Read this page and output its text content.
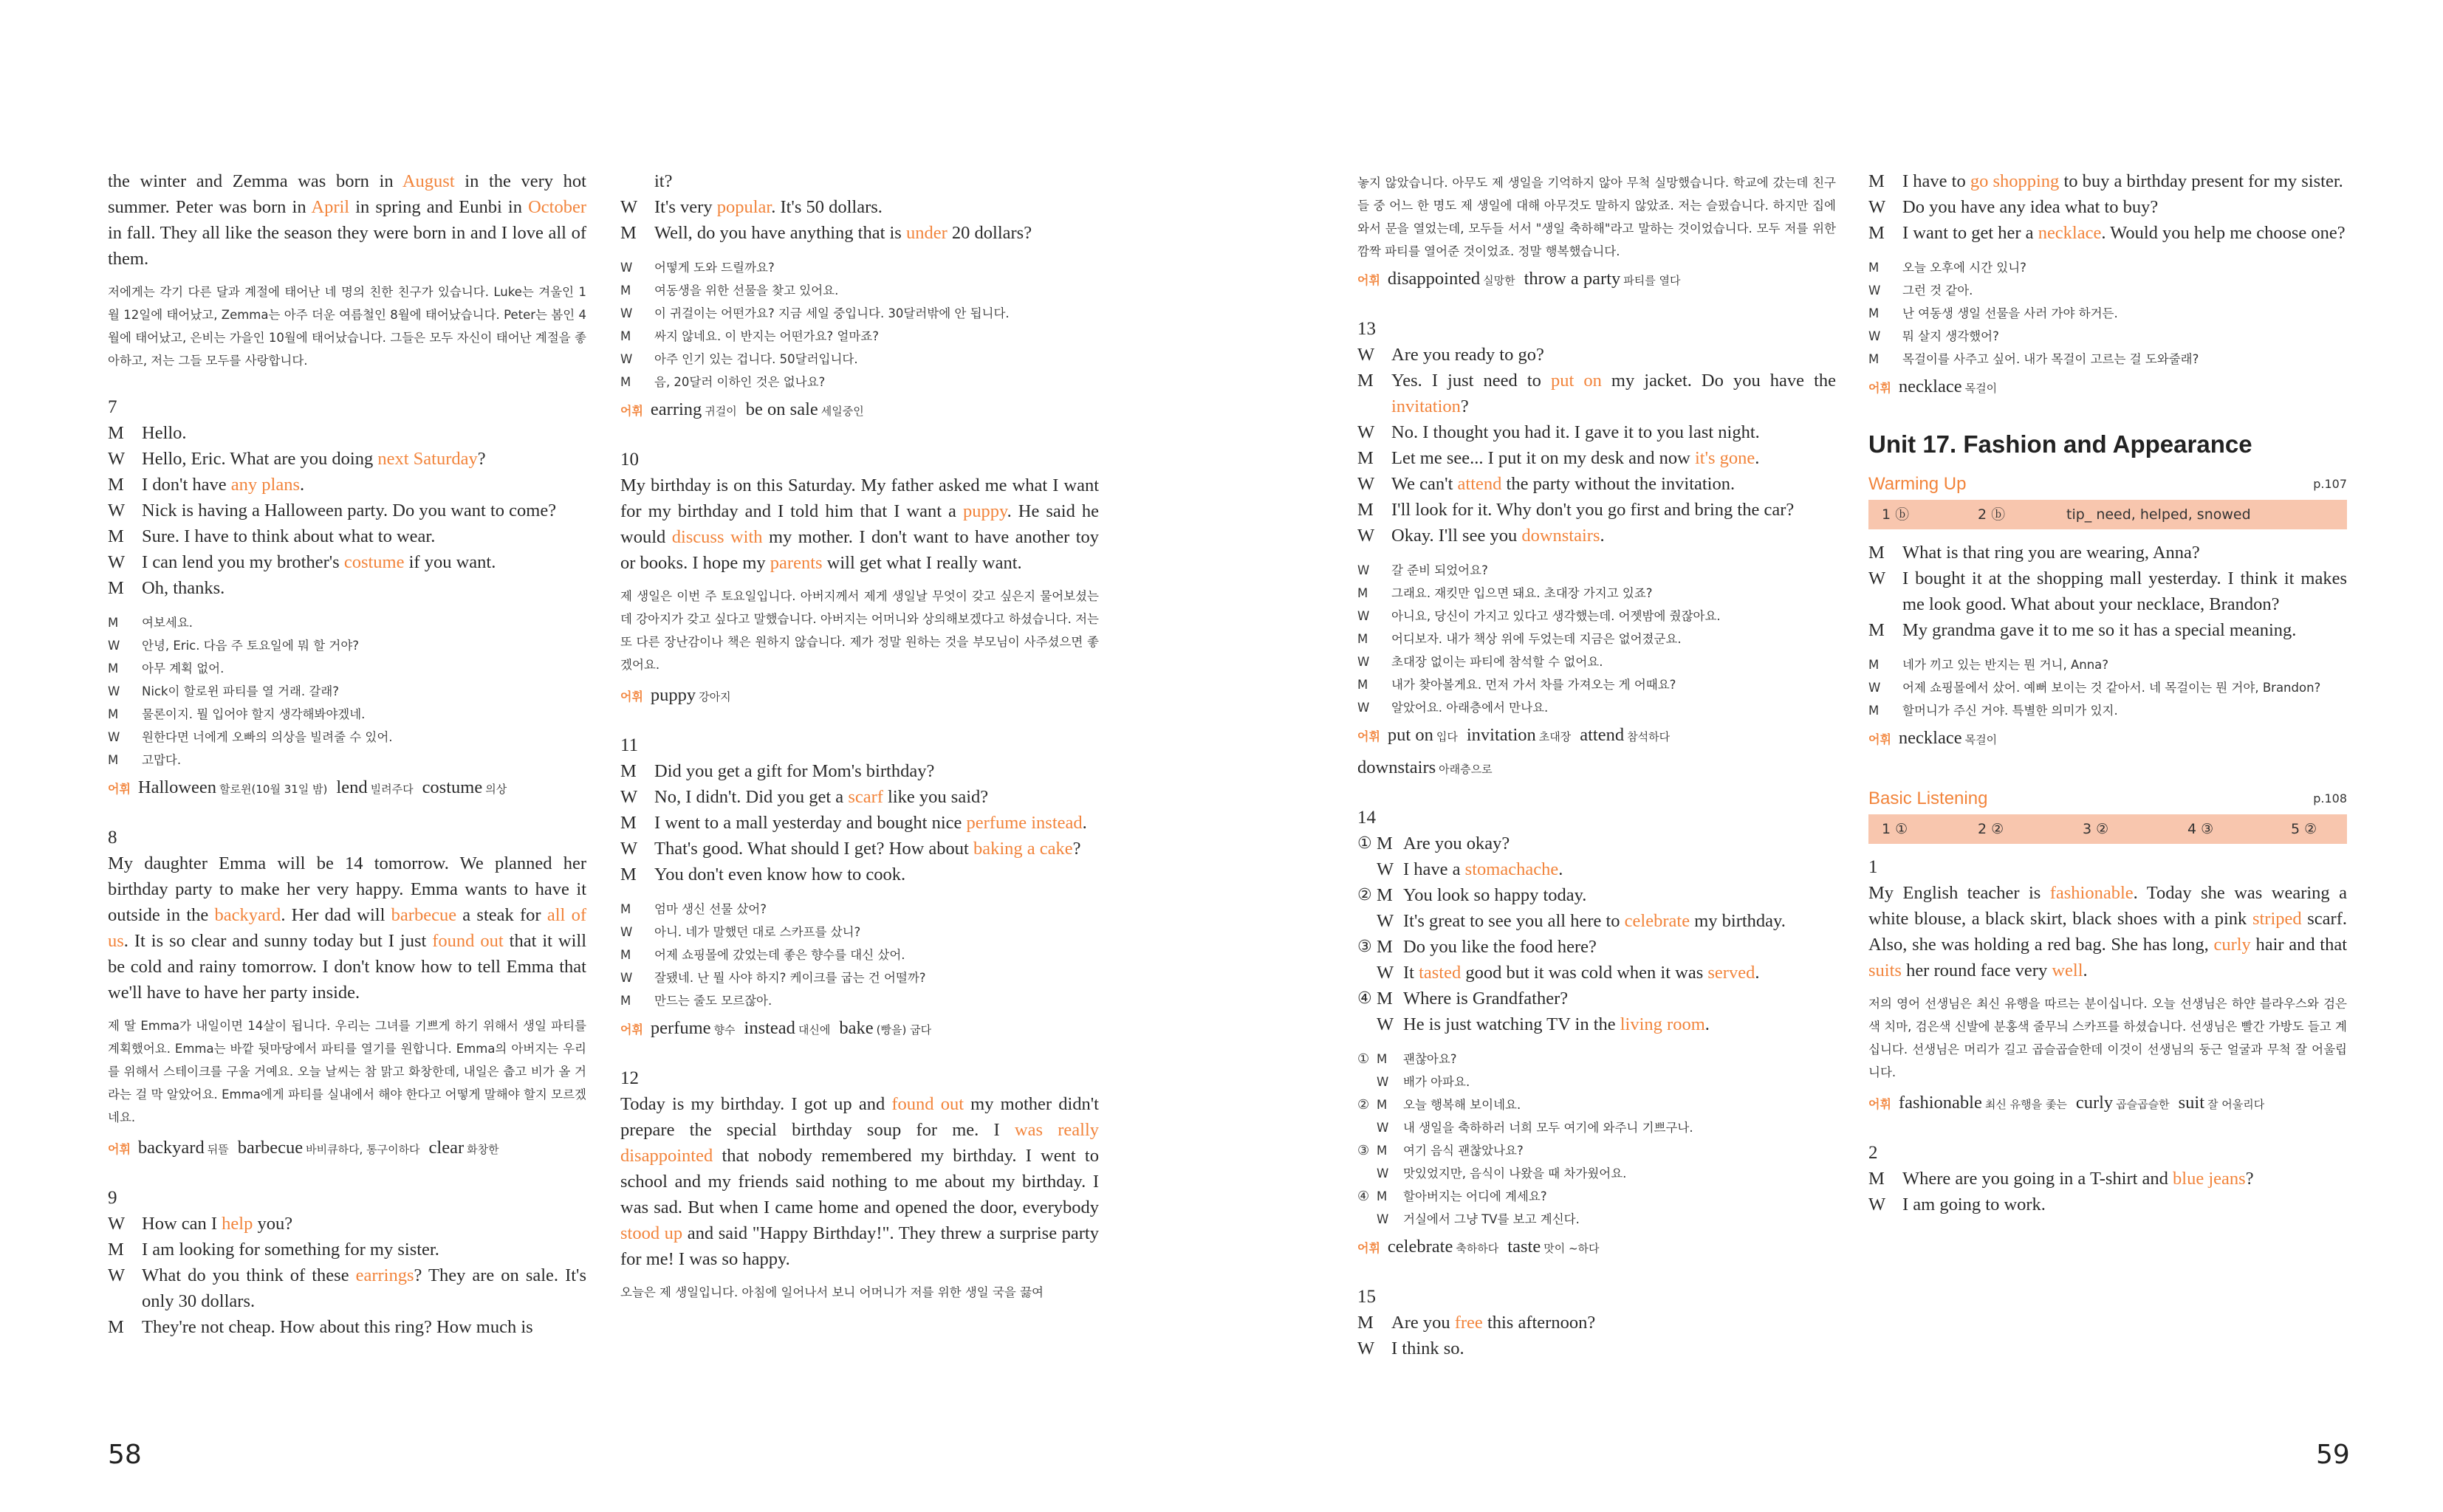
the winter and Zemma was born in August in the very hot summer. Peter was born in April in spring and Eunbi in October in fall. They all like the season they were born in and I love all of them.
저에게는 각기 다른 달과 계절에 태어난 네 명의 친한 친구가 있습니다. Luke는 겨울인 1월 12일에 태어났고, Zemma는 아주 더운 여름철인 8월에 태어났습니다. Peter는 봄인 4월에 태어났고, 은비는 가을인 10월에 태어났습니다. 그들은 모두 자신이 태어난 계절을 좋아하고, 저는 그들 모두를 사랑합니다.
7
M Hello.
W Hello, Eric. What are you doing next Saturday?
M I don't have any plans.
W Nick is having a Halloween party. Do you want to come?
M Sure. I have to think about what to wear.
W I can lend you my brother's costume if you want.
M Oh, thanks.
M	여보세요.
W	안녕, Eric. 다음 주 토요일에 뭐 할 거야?
M	아무 계획 없어.
W	Nick이 할로윈 파티를 열 거래. 갈래?
M	물론이지. 뭘 입어야 할지 생각해봐야겠네.
W	원한다면 너에게 오빠의 의상을 빌려줄 수 있어.
M	고맙다.
어휘 Halloween 할로윈(10월 31일 밤) lend 빌려주다 costume 의상
8
My daughter Emma will be 14 tomorrow. We planned her birthday party to make her very happy. Emma wants to have it outside in the backyard. Her dad will barbecue a steak for all of us. It is so clear and sunny today but I just found out that it will be cold and rainy tomorrow. I don't know how to tell Emma that we'll have to have her party inside.
제 딸 Emma가 내일이면 14살이 됩니다. 우리는 그녀를 기쁘게 하기 위해서 생일 파티를 계획했어요. Emma는 바깥 뒷마당에서 파티를 열기를 원합니다. Emma의 아버지는 우리를 위해서 스테이크를 구울 거예요. 오늘 날씨는 참 맑고 화창한데, 내일은 춥고 비가 올 거라는 걸 막 알았어요. Emma에게 파티를 실내에서 해야 한다고 어떻게 말해야 할지 모르겠네요.
어휘 backyard 뒤뜰 barbecue 바비큐하다, 통구이하다 clear 화창한
9
W How can I help you?
M I am looking for something for my sister.
W What do you think of these earrings? They are on sale. It's only 30 dollars.
M They're not cheap. How about this ring? How much is
it?
W It's very popular. It's 50 dollars.
M Well, do you have anything that is under 20 dollars?
W	어떻게 도와 드릴까요?
M	여동생을 위한 선물을 찾고 있어요.
W	이 귀걸이는 어떤가요? 지금 세일 중입니다. 30달러밖에 안 됩니다.
M	싸지 않네요. 이 반지는 어떤가요? 얼마죠?
W	아주 인기 있는 겁니다. 50달러입니다.
M	음, 20달러 이하인 것은 없나요?
어휘 earring 귀걸이 be on sale 세일중인
10
My birthday is on this Saturday. My father asked me what I want for my birthday and I told him that I want a puppy. He said he would discuss with my mother. I don't want to have another toy or books. I hope my parents will get what I really want.
제 생일은 이번 주 토요일입니다. 아버지께서 제게 생일날 무엇이 갖고 싶은지 물어보셨는데 강아지가 갖고 싶다고 말했습니다. 아버지는 어머니와 상의해보겠다고 하셨습니다. 저는 또 다른 장난감이나 책은 원하지 않습니다. 제가 정말 원하는 것을 부모님이 사주셨으면 좋겠어요.
어휘 puppy 강아지
11
M Did you get a gift for Mom's birthday?
W No, I didn't. Did you get a scarf like you said?
M I went to a mall yesterday and bought nice perfume instead.
W That's good. What should I get? How about baking a cake?
M You don't even know how to cook.
M	엄마 생신 선물 샀어?
W	아니. 네가 말했던 대로 스카프를 샀니?
M	어제 쇼핑몰에 갔었는데 좋은 향수를 대신 샀어.
W	잘됐네. 난 뭘 사야 하지? 케이크를 굽는 건 어떨까?
M	만드는 줄도 모르잖아.
어휘 perfume 향수 instead 대신에 bake (빵을) 굽다
12
Today is my birthday. I got up and found out my mother didn't prepare the special birthday soup for me. I was really disappointed that nobody remembered my birthday. I went to school and my friends said nothing to me about my birthday. I was sad. But when I came home and opened the door, everybody stood up and said "Happy Birthday!". They threw a surprise party for me! I was so happy.
오늘은 제 생일입니다. 아침에 일어나서 보니 어머니가 저를 위한 생일 국을 끓여
놓지 않았습니다. 아무도 제 생일을 기억하지 않아 무척 실망했습니다. 학교에 갔는데 친구들 중 어느 한 명도 제 생일에 대해 아무것도 말하지 않았죠. 저는 슬펐습니다. 하지만 집에 와서 문을 열었는데, 모두들 서서 "생일 축하해"라고 말하는 것이었습니다. 모두 저를 위한 깜짝 파티를 열어준 것이었죠. 정말 행복했습니다.
어휘 disappointed 실망한 throw a party 파티를 열다
13
W Are you ready to go?
M Yes. I just need to put on my jacket. Do you have the invitation?
W No. I thought you had it. I gave it to you last night.
M Let me see... I put it on my desk and now it's gone.
W We can't attend the party without the invitation.
M I'll look for it. Why don't you go first and bring the car?
W Okay. I'll see you downstairs.
W	갈 준비 되었어요?
M	그래요. 재킷만 입으면 돼요. 초대장 가지고 있죠?
W	아니요, 당신이 가지고 있다고 생각했는데. 어젯밤에 줬잖아요.
M	어디보자. 내가 책상 위에 두었는데 지금은 없어졌군요.
W	초대장 없이는 파티에 참석할 수 없어요.
M	내가 찾아볼게요. 먼저 가서 차를 가져오는 게 어때요?
W	알았어요. 아래층에서 만나요.
어휘 put on 입다 invitation 초대장 attend 참석하다
downstairs 아래층으로
14
① M Are you okay?
W I have a stomachache.
② M You look so happy today.
W It's great to see you all here to celebrate my birthday.
③ M Do you like the food here?
W It tasted good but it was cold when it was served.
④ M Where is Grandfather?
W He is just watching TV in the living room.
① M	괜찮아요?
W	배가 아파요.
② M	오늘 행복해 보이네요.
W	내 생일을 축하하러 너희 모두 여기에 와주니 기쁘구나.
③ M	여기 음식 괜찮았나요?
W	맛있었지만, 음식이 나왔을 때 차가웠어요.
④ M	할아버지는 어디에 계세요?
W	거실에서 그냥 TV를 보고 계신다.
어휘 celebrate 축하하다 taste 맛이 ~하다
15
M Are you free this afternoon?
W I think so.
M I have to go shopping to buy a birthday present for my sister.
W Do you have any idea what to buy?
M I want to get her a necklace. Would you help me choose one?
M	오늘 오후에 시간 있니?
W	그런 것 같아.
M	난 여동생 생일 선물을 사러 가야 하거든.
W	뭐 살지 생각했어?
M	목걸이를 사주고 싶어. 내가 목걸이 고르는 걸 도와줄래?
어휘 necklace 목걸이
Unit 17. Fashion and Appearance
Warming Up	p.107
1 ⓑ	2 ⓑ	tip_ need, helped, snowed
M What is that ring you are wearing, Anna?
W I bought it at the shopping mall yesterday. I think it makes me look good. What about your necklace, Brandon?
M My grandma gave it to me so it has a special meaning.
M	네가 끼고 있는 반지는 뭔 거니, Anna?
W	어제 쇼핑몰에서 샀어. 예뻐 보이는 것 같아서. 네 목걸이는 뭔 거야, Brandon?
M	할머니가 주신 거야. 특별한 의미가 있지.
어휘 necklace 목걸이
Basic Listening	p.108
1 ①	2 ②	3 ②	4 ③	5 ②
1
My English teacher is fashionable. Today she was wearing a white blouse, a black skirt, black shoes with a pink striped scarf. Also, she was holding a red bag. She has long, curly hair and that suits her round face very well.
저의 영어 선생님은 최신 유행을 따르는 분이십니다. 오늘 선생님은 하얀 블라우스와 검은색 치마, 검은색 신발에 분홍색 줄무늬 스카프를 하셨습니다. 선생님은 빨간 가방도 들고 계십니다. 선생님은 머리가 길고 곱슬곱슬한데 이것이 선생님의 둥근 얼굴과 무척 잘 어울립니다.
어휘 fashionable 최신 유행을 좇는 curly 곱슬곱슬한 suit 잘 어울리다
2
M Where are you going in a T-shirt and blue jeans?
W I am going to work.
58	59
